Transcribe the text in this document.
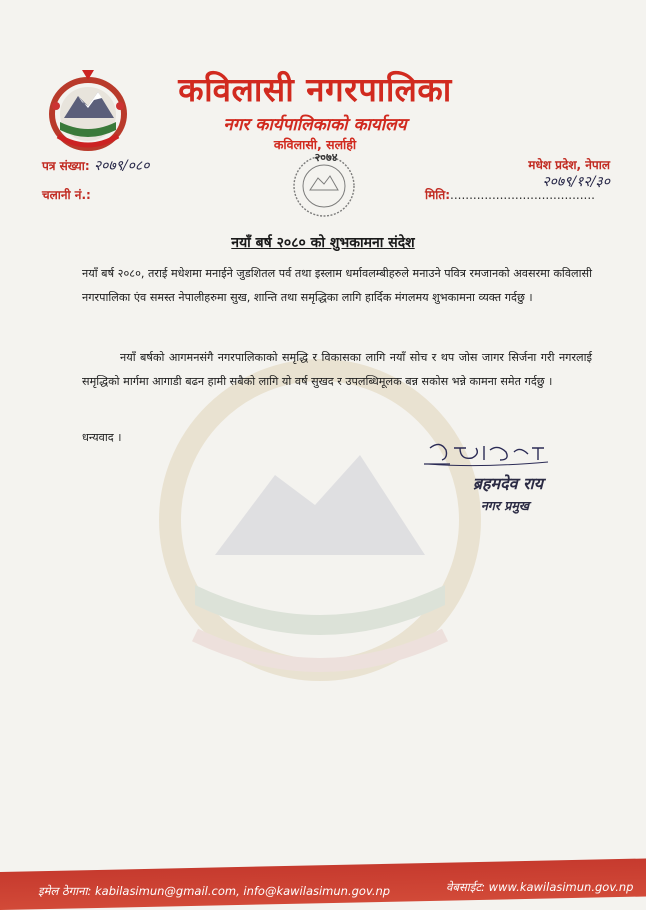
कविलासी नगरपालिका
नगर कार्यपालिकाको कार्यालय
कविलासी, सर्लाही
२०७४
पत्र संख्या: २०७९/०८०
चलानी नं.:
मधेश प्रदेश, नेपाल
२०७९/१२/३०
मिति:......................................
नयाँ बर्ष २०८० को शुभकामना संदेश
नयाँ बर्ष २०८०, तराई मधेशमा मनाईने जुडशितल पर्व तथा इस्लाम धर्मावलम्बीहरुले मनाउने पवित्र रमजानको अवसरमा कविलासी नगरपालिका एंव समस्त नेपालीहरुमा सुख, शान्ति तथा समृद्धिका लागि हार्दिक मंगलमय शुभकामना व्यक्त गर्दछु ।
नयाँ बर्षको आगमनसंगै नगरपालिकाको समृद्धि र विकासका लागि नयाँ सोच र थप जोस जागर सिर्जना गरी नगरलाई समृद्धिको मार्गमा आगाडी बढन हामी सबैको लागि यो वर्ष सुखद र उपलब्धिमूलक बन्न सकोस भन्ने कामना समेत गर्दछु ।
धन्यवाद ।
ब्रहमदेव राय
नगर प्रमुख
इमेल ठेगाना: kabilasimun@gmail.com, info@kawilasimun.gov.np	वेबसाईट: www.kawilasimun.gov.np
